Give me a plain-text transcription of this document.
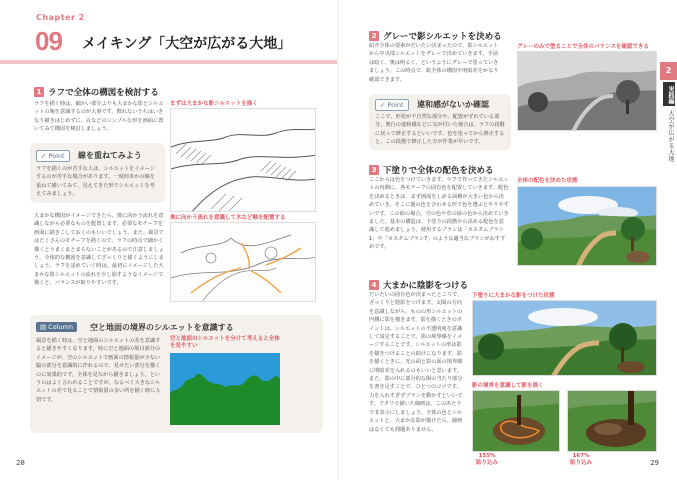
Chapter 2
09 メイキング「大空が広がる大地」
1 ラフで全体の構図を検討する
ラフを描く時は、細かい部分よりも大まかな影とシルエットの塊を意識するのが大事です。慣れないうちはいきなり描きはじめずに、丸などのシンプルな形を画面に置いてみて構図を検討しましょう。
まずは大まかな影シルエットを描く
✓ Point 線を重ねてみよう
ラフを描くのが苦手な人は、シルエットをイメージするのが苦手な場合があります。一度何本かの線を重ねて描いてみて、見えてきた形でシルエットを考えてみましょう。
大まかな構図がイメージできたら、奥に向かう流れを意識しながら必要なものを配置します。必要なモチーフを画面に描きこしておくのもいいでしょう。また、風景ではたくさんのモチーフを描くので、ラフの時点で細かく描くとうまくまとまらないことがあるので注意しましょう。全体的な構図を意識してざっくりと描くようにしましょう。ラフを詰めていく時は、最初にイメージした大まかな影シルエットの流れを少し崩すようなイメージで描くと、バランスが取りやすいです。
奥に向かう流れを意識して木など軸を配置する
▤ Column 空と地面の境界のシルエットを意識する
風景を描く時は、空と地面のシルエットの差を意識すると描きやすくなります。特に空と地面の境目部分のイメージが、空のシルエットで画面の情報量が少ない脇の部分を意識的に作れるので、見せたい部分を描くのに効果的です。全体を見ながら描きましょう。というのはよく言われることですが、なるべく大きなシルエットの差で見ることで情報量の多い所を描く時に大切です。
空と地面のシルエットを分けて考えると全体を見やすい
28
2 グレーで影シルエットを決める
紹介全体の要素がだいたい決まったので、影シルエットから中央部シルエットをグレーで決めていきます。手前は暗く、奥は明るく、というようにグレーで塗っていきましょう。この時点で、総全体の構図や明暗差をかなり確認できます。
グレーのみで塗ることで全体のバランスを確認できる
✓ Point 違和感がないか確認
ここで、形状が不自然な部分や、配置がずれている部分、奥行の違和感などに気が付いた場合は、ラフの段階に戻って修正するといいです。色を塗ってから修正すると、この段階で修正した方が作業が早いです。
3 下塗りで全体の配色を決める
ここからは色をつけていきます。ラフで作ってきたシルエットの内側に、各モチーフの固有色を配置していきます。配色を決めるときは、まず画面をしめる面積が大きい色から決めていき、そこに他の色を合わせる形で色を選ぶとやりやすいです。この絵の場合、空の色や草の緑の色から決めていきました。基本の構造は、下塗りの段階から決める配色を意識して進めましょう。使用するブラシは「カスタムブラシ1」や「カスタムブラシ7」のような適当なブラシがおすすめです。
全体の配色を決めた状態
4 大まかに陰影をつける
だいたいの固有色が決まったところで、ざっくりと陰影をつけます。太陽の方向を意識しながら、ものの形シルエットの内側に影を描きます。影を描くときのポイントは、シルエットの不透明度を意識して設定することで、影の境界線をイメージすることです。シルエットの形は影を描きつけることの助けになります。影を描くときに、光の面と影の面の境界線に明暗差を入れるのもいいと思います。また、影の中に部分的な陽の当たり部分を書き足すことで、ひとつのコツです。力を入れすぎずブラシを動かすといいです。アタリで描いた線画は、このあたりで非表示にしましょう。全体の色とシルエットと、大まかな影が描けたら、線画はなくても問題ありません。
下塗りに大まかな影をつけた状態
影の境界を意識して影を描く
155%
貼り込み
167%
貼り込み
2
実践編
大空が広がる大地
29
